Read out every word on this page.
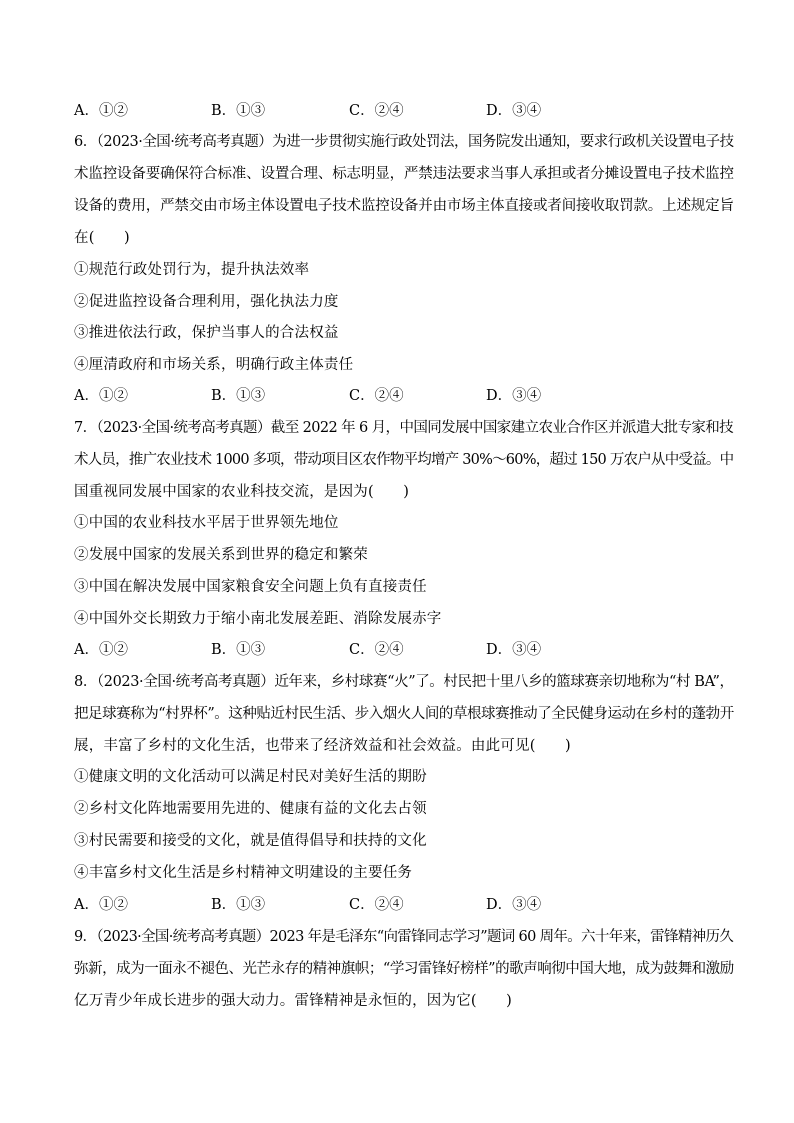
A．①②	B．①③	C．②④	D．③④
6．（2023·全国·统考高考真题）为进一步贯彻实施行政处罚法，国务院发出通知，要求行政机关设置电子技
术监控设备要确保符合标准、设置合理、标志明显，严禁违法要求当事人承担或者分摊设置电子技术监控
设备的费用，严禁交由市场主体设置电子技术监控设备并由市场主体直接或者间接收取罚款。上述规定旨
在(　　)
①规范行政处罚行为，提升执法效率
②促进监控设备合理利用，强化执法力度
③推进依法行政，保护当事人的合法权益
④厘清政府和市场关系，明确行政主体责任
A．①②	B．①③	C．②④	D．③④
7．（2023·全国·统考高考真题）截至 2022 年 6 月，中国同发展中国家建立农业合作区并派遣大批专家和技
术人员，推广农业技术 1000 多项，带动项目区农作物平均增产 30%～60%，超过 150 万农户从中受益。中
国重视同发展中国家的农业科技交流，是因为(　　)
①中国的农业科技水平居于世界领先地位
②发展中国家的发展关系到世界的稳定和繁荣
③中国在解决发展中国家粮食安全问题上负有直接责任
④中国外交长期致力于缩小南北发展差距、消除发展赤字
A．①②	B．①③	C．②④	D．③④
8．（2023·全国·统考高考真题）近年来，乡村球赛“火”了。村民把十里八乡的篮球赛亲切地称为“村 BA”，
把足球赛称为“村界杯”。这种贴近村民生活、步入烟火人间的草根球赛推动了全民健身运动在乡村的蓬勃开
展，丰富了乡村的文化生活，也带来了经济效益和社会效益。由此可见(　　)
①健康文明的文化活动可以满足村民对美好生活的期盼
②乡村文化阵地需要用先进的、健康有益的文化去占领
③村民需要和接受的文化，就是值得倡导和扶持的文化
④丰富乡村文化生活是乡村精神文明建设的主要任务
A．①②	B．①③	C．②④	D．③④
9．（2023·全国·统考高考真题）2023 年是毛泽东“向雷锋同志学习”题词 60 周年。六十年来，雷锋精神历久
弥新，成为一面永不褪色、光芒永存的精神旗帜；“学习雷锋好榜样”的歌声响彻中国大地，成为鼓舞和激励
亿万青少年成长进步的强大动力。雷锋精神是永恒的，因为它(　　)
